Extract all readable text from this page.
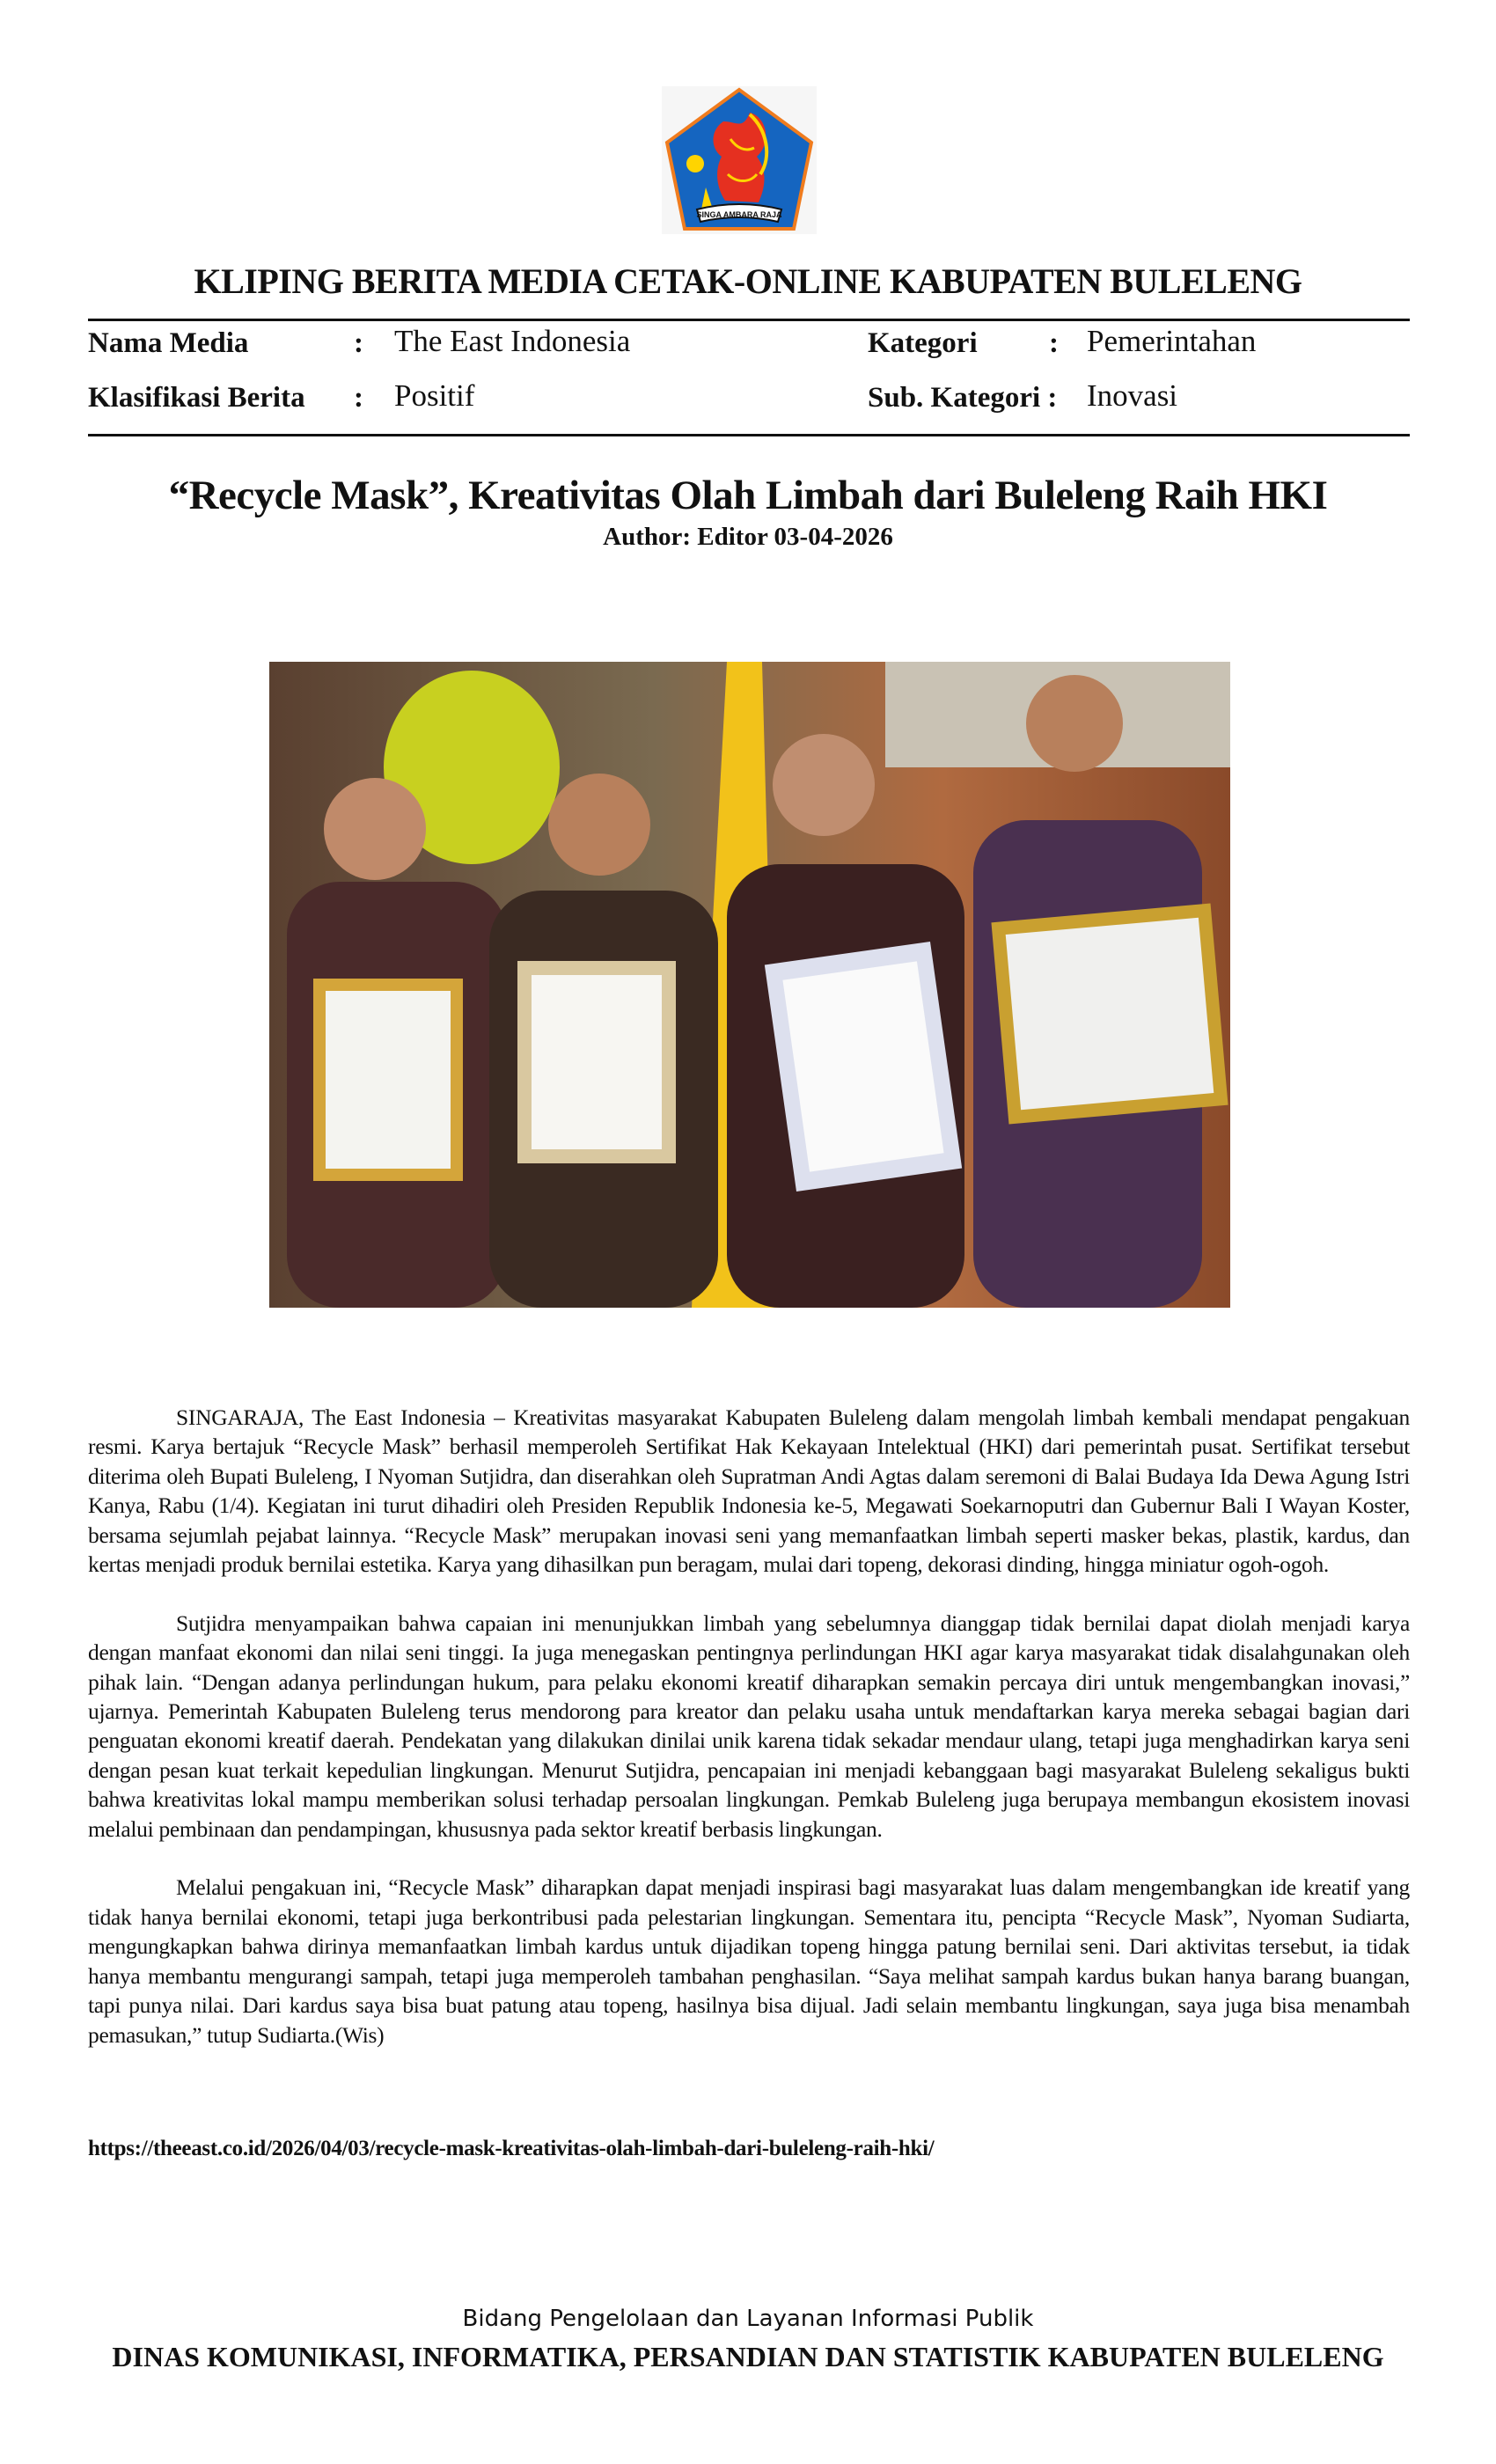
SINGA AMBARA RAJA
KLIPING BERITA MEDIA CETAK-ONLINE KABUPATEN BULELENG
Nama Media	: The East Indonesia	Kategori : Pemerintahan
Klasifikasi Berita : Positif	Sub. Kategori : Inovasi
“Recycle Mask”, Kreativitas Olah Limbah dari Buleleng Raih HKI
Author: Editor 03-04-2026

SINGARAJA, The East Indonesia – Kreativitas masyarakat Kabupaten Buleleng dalam mengolah limbah kembali mendapat pengakuan resmi. Karya bertajuk “Recycle Mask” berhasil memperoleh Sertifikat Hak Kekayaan Intelektual (HKI) dari pemerintah pusat. Sertifikat tersebut diterima oleh Bupati Buleleng, I Nyoman Sutjidra, dan diserahkan oleh Supratman Andi Agtas dalam seremoni di Balai Budaya Ida Dewa Agung Istri Kanya, Rabu (1/4). Kegiatan ini turut dihadiri oleh Presiden Republik Indonesia ke-5, Megawati Soekarnoputri dan Gubernur Bali I Wayan Koster, bersama sejumlah pejabat lainnya. “Recycle Mask” merupakan inovasi seni yang memanfaatkan limbah seperti masker bekas, plastik, kardus, dan kertas menjadi produk bernilai estetika. Karya yang dihasilkan pun beragam, mulai dari topeng, dekorasi dinding, hingga miniatur ogoh-ogoh.

Sutjidra menyampaikan bahwa capaian ini menunjukkan limbah yang sebelumnya dianggap tidak bernilai dapat diolah menjadi karya dengan manfaat ekonomi dan nilai seni tinggi. Ia juga menegaskan pentingnya perlindungan HKI agar karya masyarakat tidak disalahgunakan oleh pihak lain. “Dengan adanya perlindungan hukum, para pelaku ekonomi kreatif diharapkan semakin percaya diri untuk mengembangkan inovasi,” ujarnya. Pemerintah Kabupaten Buleleng terus mendorong para kreator dan pelaku usaha untuk mendaftarkan karya mereka sebagai bagian dari penguatan ekonomi kreatif daerah. Pendekatan yang dilakukan dinilai unik karena tidak sekadar mendaur ulang, tetapi juga menghadirkan karya seni dengan pesan kuat terkait kepedulian lingkungan. Menurut Sutjidra, pencapaian ini menjadi kebanggaan bagi masyarakat Buleleng sekaligus bukti bahwa kreativitas lokal mampu memberikan solusi terhadap persoalan lingkungan. Pemkab Buleleng juga berupaya membangun ekosistem inovasi melalui pembinaan dan pendampingan, khususnya pada sektor kreatif berbasis lingkungan.

Melalui pengakuan ini, “Recycle Mask” diharapkan dapat menjadi inspirasi bagi masyarakat luas dalam mengembangkan ide kreatif yang tidak hanya bernilai ekonomi, tetapi juga berkontribusi pada pelestarian lingkungan. Sementara itu, pencipta “Recycle Mask”, Nyoman Sudiarta, mengungkapkan bahwa dirinya memanfaatkan limbah kardus untuk dijadikan topeng hingga patung bernilai seni. Dari aktivitas tersebut, ia tidak hanya membantu mengurangi sampah, tetapi juga memperoleh tambahan penghasilan. “Saya melihat sampah kardus bukan hanya barang buangan, tapi punya nilai. Dari kardus saya bisa buat patung atau topeng, hasilnya bisa dijual. Jadi selain membantu lingkungan, saya juga bisa menambah pemasukan,” tutup Sudiarta.(Wis)

https://theeast.co.id/2026/04/03/recycle-mask-kreativitas-olah-limbah-dari-buleleng-raih-hki/
Bidang Pengelolaan dan Layanan Informasi Publik
DINAS KOMUNIKASI, INFORMATIKA, PERSANDIAN DAN STATISTIK KABUPATEN BULELENG
